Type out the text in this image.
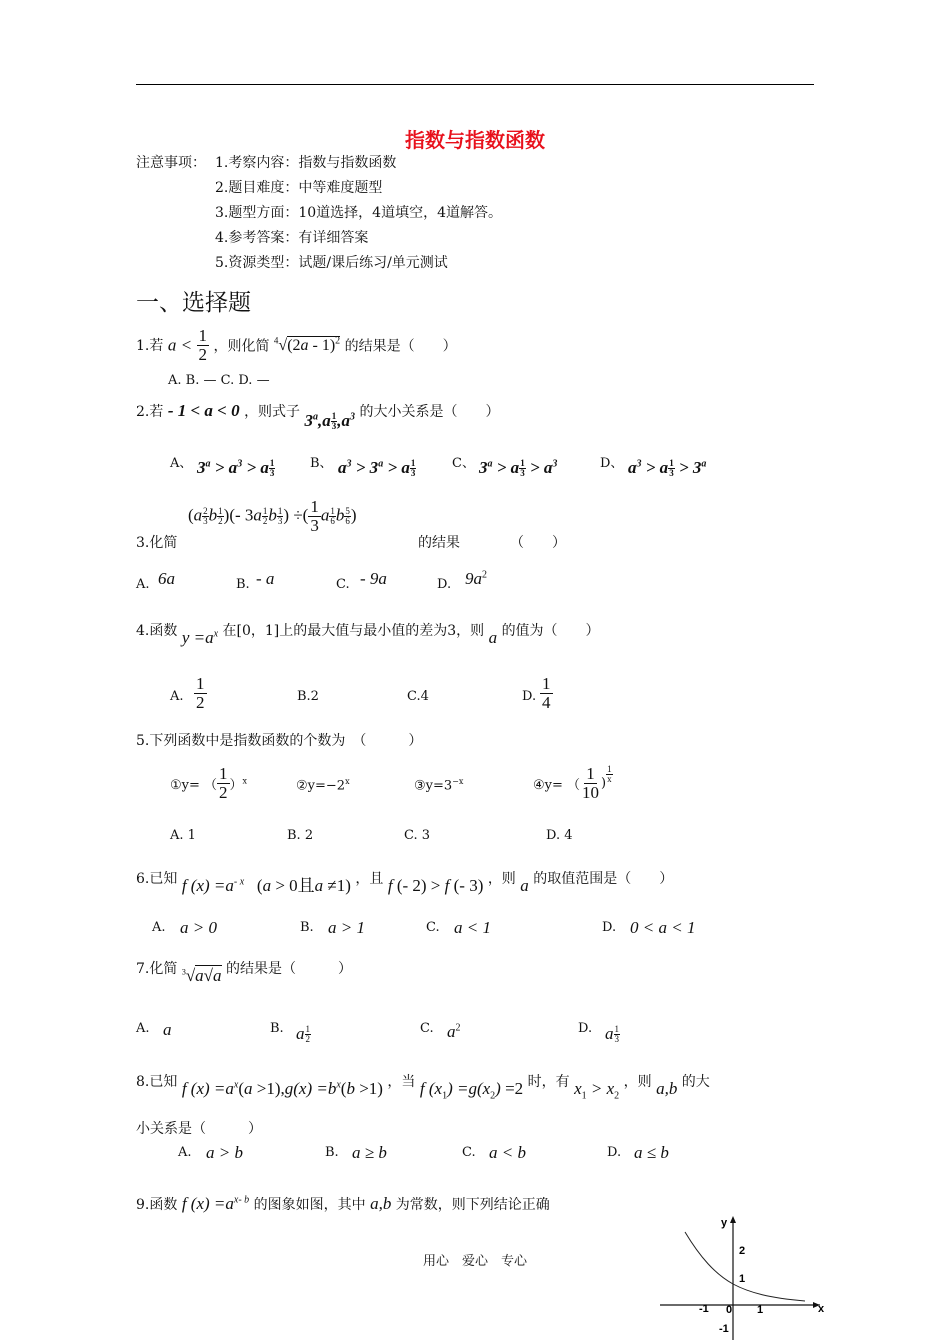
指数与指数函数
注意事项： 1.考察内容：指数与指数函数
2.题目难度：中等难度题型
3.题型方面：10道选择，4道填空，4道解答。
4.参考答案：有详细答案
5.资源类型：试题/课后练习/单元测试
一、选择题
1.若 $a < \frac{1}{2}$ ，则化简 $^4$√(2a - 1)$^2$ 的结果是（　　）
A. B. — C. D. —
2.若 - 1 < a < 0 ，则式子 $3^a,a \frac{1}{3} ,a^3$ 的大小关系是（　　）
A、 $3^a > a^3 > a \frac{1}{3}$	B、 $a^3 > 3^a > a \frac{1}{3}$	C、 $3^a > a \frac{1}{3} > a^3$	D、 $a^3 > a \frac{1}{3} > 3^a$
($a \frac{2}{3}$ b $\frac{1}{2}$ )(- $3a \frac{1}{2}$ b $\frac{1}{3}$ ) ÷( $\frac{1}{3}$ a $\frac{1}{6}$ b $\frac{5}{6}$ )
3.化简	的结果	（　　）
A. 6a	B. - a	C. - 9a	D. $9a^2$
4.函数 $y =a^x$ 在[0，1]上的最大值与最小值的差为3，则 a 的值为（　　）
A. $\frac{1}{2}$	B.2	C.4	D. $\frac{1}{4}$
5.下列函数中是指数函数的个数为　（　　　）
①y= （ $\frac{1}{2} )^x$	$②y=-2^x$	$③y=3^{-x}$	④y= （ $\frac{1}{10}$ ) $\frac{1}{x}$
A. 1	B. 2	C. 3	D. 4
6.已知 f $(x) =a^{- x}$ (a > 0且a ≠1) ，且 f (- 2) > f (- 3) ，则 a 的取值范围是（　　）
A. a > 0	B. a > 1	C. a < 1	D. 0 < a < 1
7.化简 $^3$√a√a 的结果是（　　　）
A. a	B. a $\frac{1}{2}$	C. $a^2$	D. a $\frac{1}{3}$
8.已知 f $(x) =a^x(a >1),g(x) =b^x(b >1)$ ，当 f $(x_1) =g(x_2) =2$ 时，有 $x_1 > x_2$ ，则 a,b 的大
小关系是（　　　）
A. a > b	B. a ≥ b	C. a < b	D. a ≤ b
9.函数 f $(x) =a^{x- b}$ 的图象如图，其中 a,b 为常数，则下列结论正确
x
y
-1 0 1
2
1
-1
用心　爱心　专心
